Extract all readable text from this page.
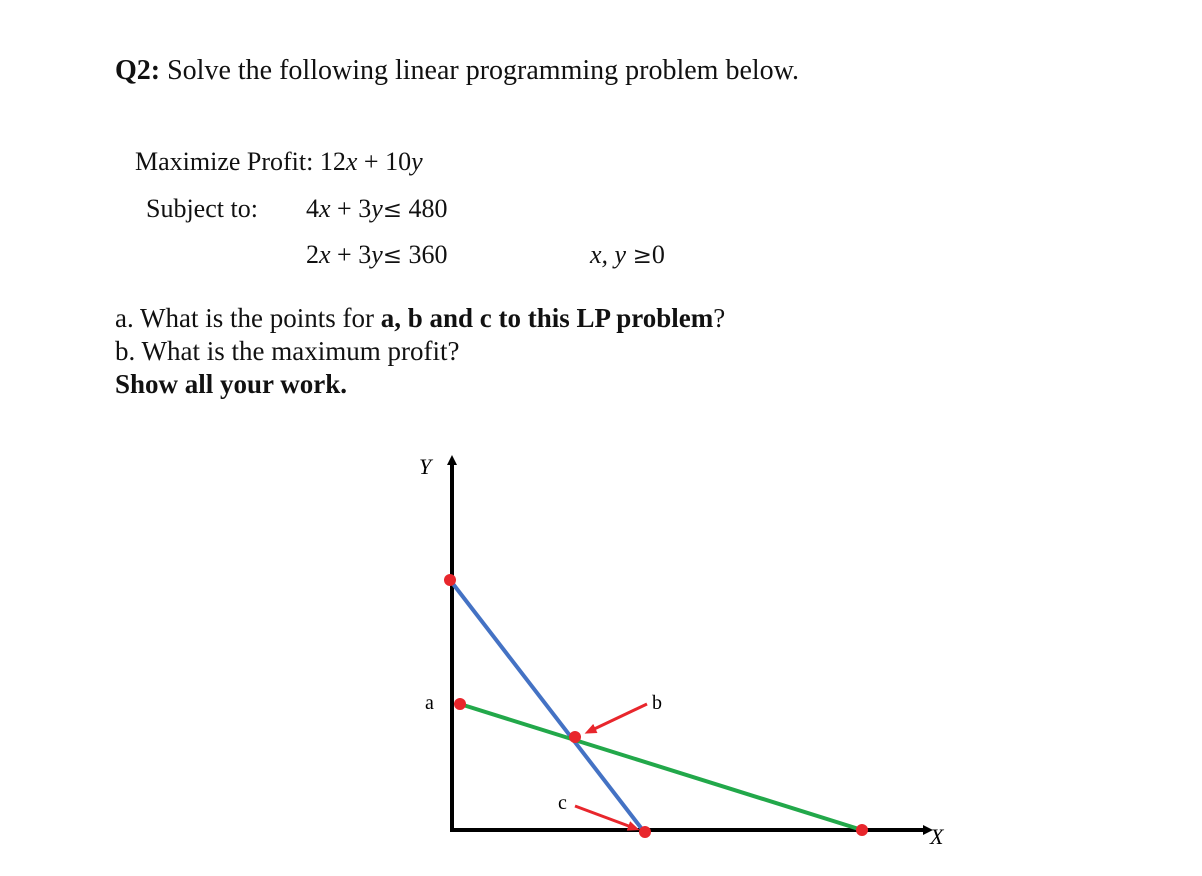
Q2: Solve the following linear programming problem below.
Maximize Profit: 12x + 10y
Subject to: 4x + 3y≤ 480
2x + 3y≤ 360	x, y ≥0
a. What is the points for a, b and c to this LP problem?
b. What is the maximum profit?
Show all your work.
Y
X
a	b
c
